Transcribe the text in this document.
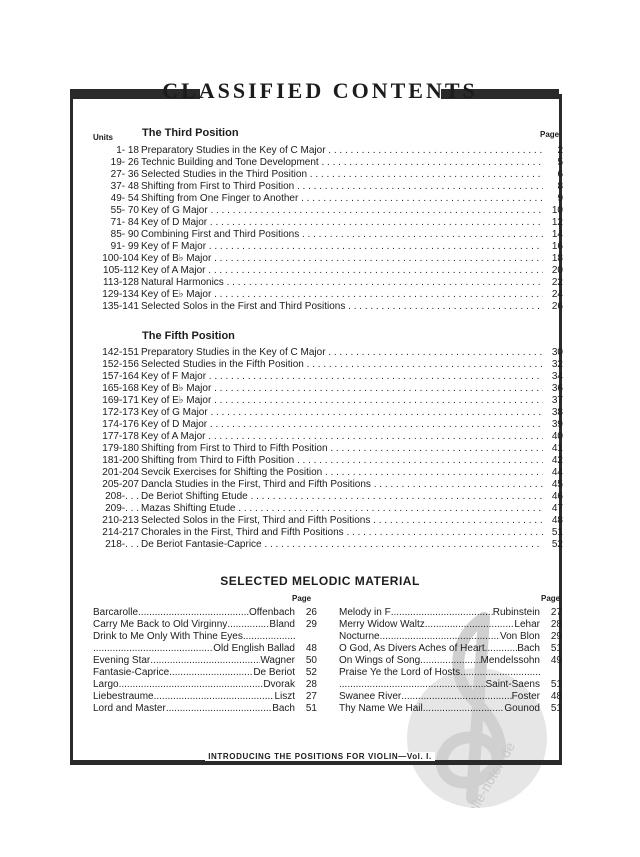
alle-noten.de
CLASSIFIED CONTENTS
Units	Page
The Third Position
1- 18 Preparatory Studies in the Key of C Major . . .	2
19- 26 Technic Building and Tone Development . . .	5
27- 36 Selected Studies in the Third Position . . .	6
37- 48 Shifting from First to Third Position . . .	8
49- 54 Shifting from One Finger to Another . . .	9
55- 70 Key of G Major . . .	10
71- 84 Key of D Major . . .	12
85- 90 Combining First and Third Positions . . .	14
91- 99 Key of F Major . . .	16
100-104 Key of B♭ Major . . .	18
105-112 Key of A Major . . .	20
113-128 Natural Harmonics . . .	22
129-134 Key of E♭ Major . . .	24
135-141 Selected Solos in the First and Third Positions . . .	26
The Fifth Position
142-151 Preparatory Studies in the Key of C Major . . .	30
152-156 Selected Studies in the Fifth Position . . .	32
157-164 Key of F Major . . .	34
165-168 Key of B♭ Major . . .	36
169-171 Key of E♭ Major . . .	37
172-173 Key of G Major . . .	38
174-176 Key of D Major . . .	39
177-178 Key of A Major . . .	40
179-180 Shifting from First to Third to Fifth Position . . .	41
181-200 Shifting from Third to Fifth Position . . .	42
201-204 Sevcik Exercises for Shifting the Position . . .	44
205-207 Dancla Studies in the First, Third and Fifth Positions . . .	45
208-. . . De Beriot Shifting Etude . . .	46
209-. . . Mazas Shifting Etude . . .	47
210-213 Selected Solos in the First, Third and Fifth Positions . . .	48
214-217 Chorales in the First, Third and Fifth Positions . . .	51
218-. . . De Beriot Fantasie-Caprice . . .	52
SELECTED MELODIC MATERIAL
Page	Page
Barcarolle .....	Offenbach	26
Carry Me Back to Old Virginny .....	Bland	29
Drink to Me Only With Thine Eyes
.....
.....
Old English Ballad	48
Evening Star .....	Wagner	50
Fantasie-Caprice .....	De Beriot	52
Largo .....	Dvorak	28
Liebestraume .....	Liszt	27
Lord and Master .....	Bach	51
Melody in F .....	Rubinstein	27
Merry Widow Waltz .....	Lehar	28
Nocturne .....	Von Blon	29
O God, As Divers Aches of Heart .....	Bach	51
On Wings of Song .....	Mendelssohn	49
Praise Ye the Lord of Hosts
.....
.....
Saint-Saens	51
Swanee River .....	Foster	48
Thy Name We Hail .....	Gounod	51
INTRODUCING THE POSITIONS FOR VIOLIN—Vol. I.
